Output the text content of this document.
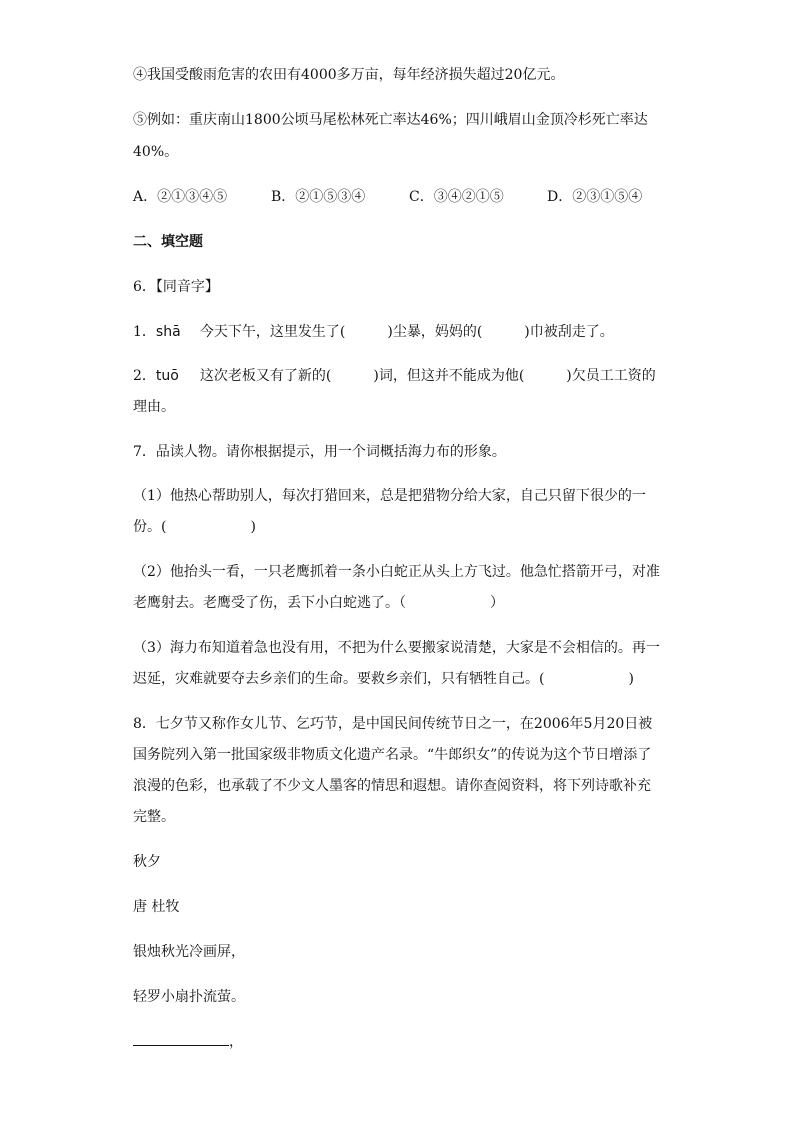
④我国受酸雨危害的农田有4000多万亩，每年经济损失超过20亿元。
⑤例如：重庆南山1800公顷马尾松林死亡率达46%；四川峨眉山金顶冷杉死亡率达
40%。
A．②①③④⑤	B．②①⑤③④	C．③④②①⑤	D．②③①⑤④
二、填空题
6．【同音字】
1．shā 今天下午，这里发生了(　　　)尘暴，妈妈的(　　　)巾被刮走了。
2．tuō 这次老板又有了新的(　　　)词，但这并不能成为他(　　　)欠员工工资的
理由。
7．品读人物。请你根据提示，用一个词概括海力布的形象。
（1）他热心帮助别人，每次打猎回来，总是把猎物分给大家，自己只留下很少的一
份。(　　　　　　)
（2）他抬头一看，一只老鹰抓着一条小白蛇正从头上方飞过。他急忙搭箭开弓，对准
老鹰射去。老鹰受了伤，丢下小白蛇逃了。（　　　　　　）
（3）海力布知道着急也没有用，不把为什么要搬家说清楚，大家是不会相信的。再一
迟延，灾难就要夺去乡亲们的生命。要救乡亲们，只有牺牲自己。(　　　　　　)
8．七夕节又称作女儿节、乞巧节，是中国民间传统节日之一，在2006年5月20日被
国务院列入第一批国家级非物质文化遗产名录。“牛郎织女”的传说为这个节日增添了
浪漫的色彩，也承载了不少文人墨客的情思和遐想。请你查阅资料，将下列诗歌补充
完整。
秋夕
唐 杜牧
银烛秋光冷画屏，
轻罗小扇扑流萤。
，
